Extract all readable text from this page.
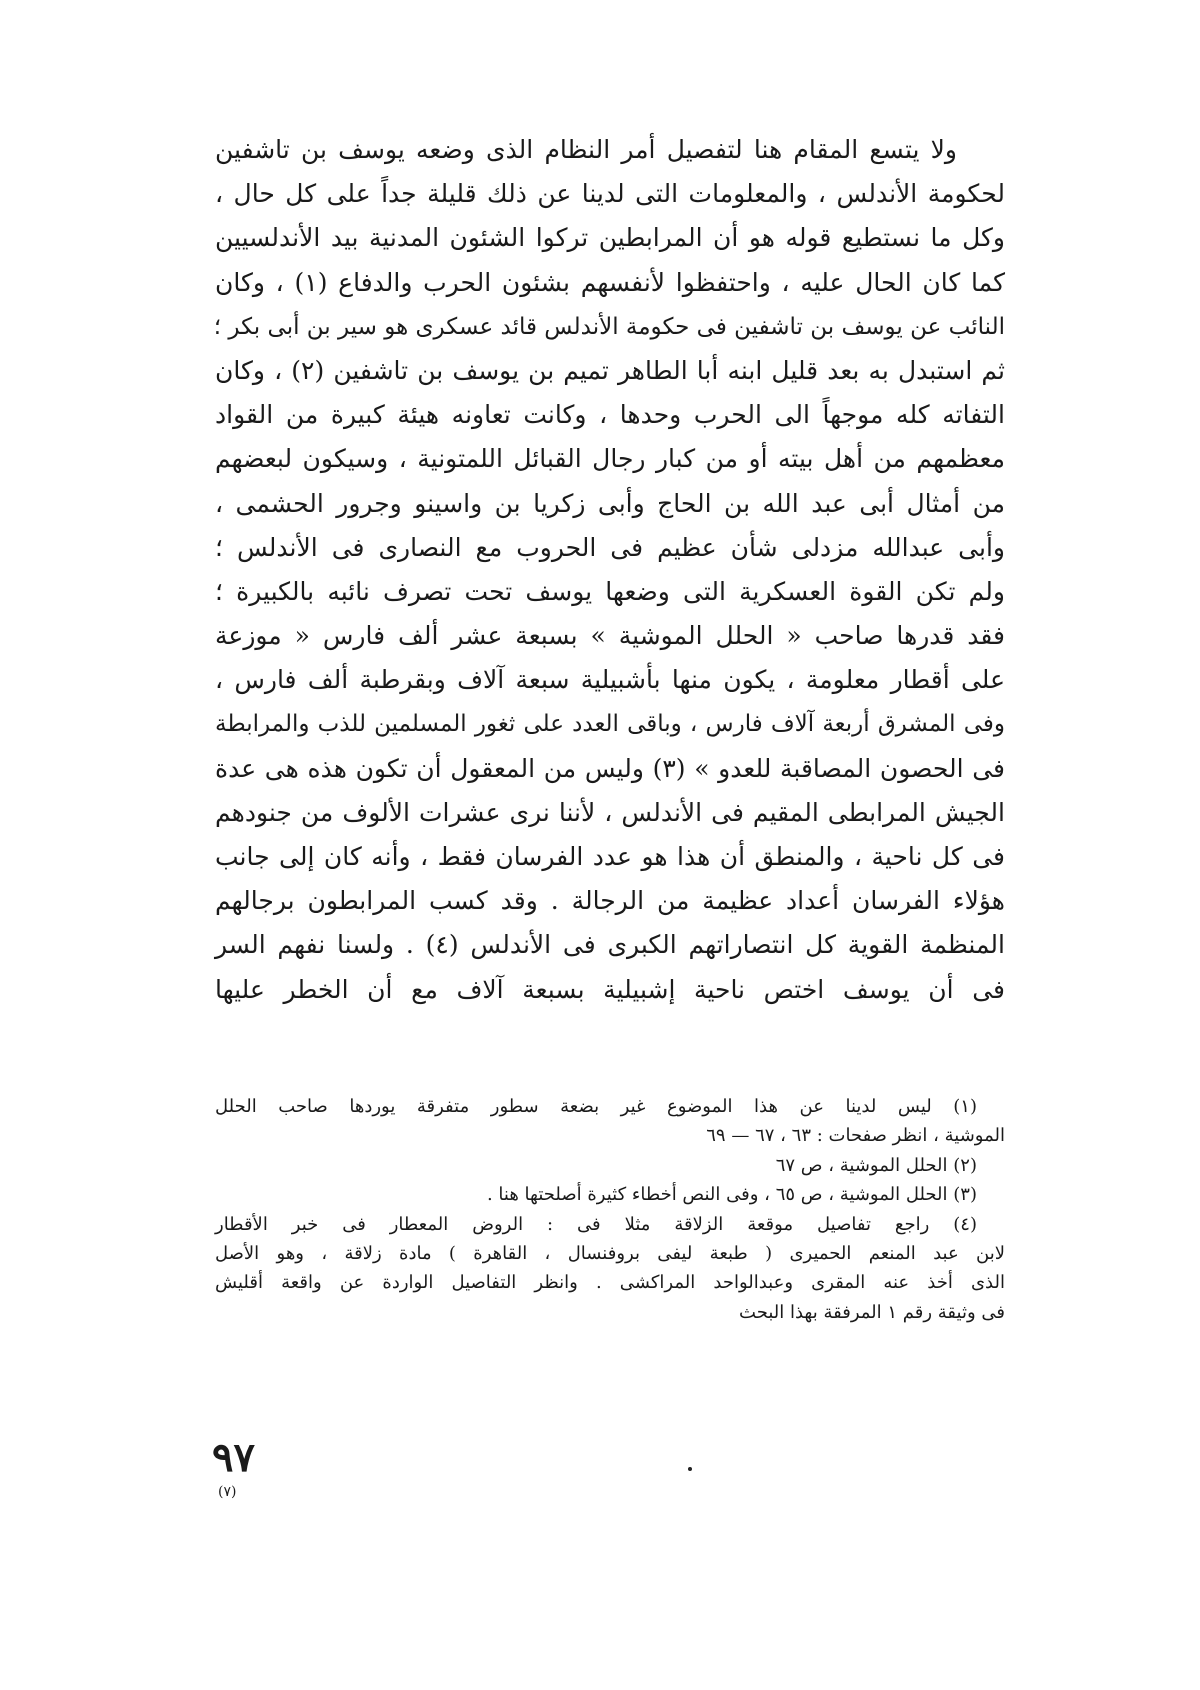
ولا يتسع المقام هنا لتفصيل أمر النظام الذى وضعه يوسف بن تاشفين
لحكومة الأندلس ، والمعلومات التى لدينا عن ذلك قليلة جداً على كل حال ،
وكل ما نستطيع قوله هو أن المرابطين تركوا الشئون المدنية بيد الأندلسيين
كما كان الحال عليه ، واحتفظوا لأنفسهم بشئون الحرب والدفاع (١) ، وكان
النائب عن يوسف بن تاشفين فى حكومة الأندلس قائد عسكرى هو سير بن أبى بكر ؛
ثم استبدل به بعد قليل ابنه أبا الطاهر تميم بن يوسف بن تاشفين (٢) ، وكان
التفاته كله موجهاً الى الحرب وحدها ، وكانت تعاونه هيئة كبيرة من القواد
معظمهم من أهل بيته أو من كبار رجال القبائل اللمتونية ، وسيكون لبعضهم
من أمثال أبى عبد الله بن الحاج وأبى زكريا بن واسينو وجرور الحشمى ،
وأبى عبدالله مزدلى شأن عظيم فى الحروب مع النصارى فى الأندلس ؛
ولم تكن القوة العسكرية التى وضعها يوسف تحت تصرف نائبه بالكبيرة ؛
فقد قدرها صاحب « الحلل الموشية » بسبعة عشر ألف فارس « موزعة
على أقطار معلومة ، يكون منها بأشبيلية سبعة آلاف وبقرطبة ألف فارس ،
وفى المشرق أربعة آلاف فارس ، وباقى العدد على ثغور المسلمين للذب والمرابطة
فى الحصون المصاقبة للعدو » (٣) وليس من المعقول أن تكون هذه هى عدة
الجيش المرابطى المقيم فى الأندلس ، لأننا نرى عشرات الألوف من جنودهم
فى كل ناحية ، والمنطق أن هذا هو عدد الفرسان فقط ، وأنه كان إلى جانب
هؤلاء الفرسان أعداد عظيمة من الرجالة . وقد كسب المرابطون برجالهم
المنظمة القوية كل انتصاراتهم الكبرى فى الأندلس (٤) . ولسنا نفهم السر
فى أن يوسف اختص ناحية إشبيلية بسبعة آلاف مع أن الخطر عليها
(١) ليس لدينا عن هذا الموضوع غير بضعة سطور متفرقة يوردها صاحب الحلل
الموشية ، انظر صفحات : ٦٣ ، ٦٧ — ٦٩
(٢) الحلل الموشية ، ص ٦٧
(٣) الحلل الموشية ، ص ٦٥ ، وفى النص أخطاء كثيرة أصلحتها هنا .
(٤) راجع تفاصيل موقعة الزلاقة مثلا فى : الروض المعطار فى خبر الأقطار
لابن عبد المنعم الحميرى ( طبعة ليفى بروفنسال ، القاهرة ) مادة زلاقة ، وهو الأصل
الذى أخذ عنه المقرى وعبدالواحد المراكشى . وانظر التفاصيل الواردة عن واقعة أقليش
فى وثيقة رقم ١ المرفقة بهذا البحث
٩٧
(٧)
